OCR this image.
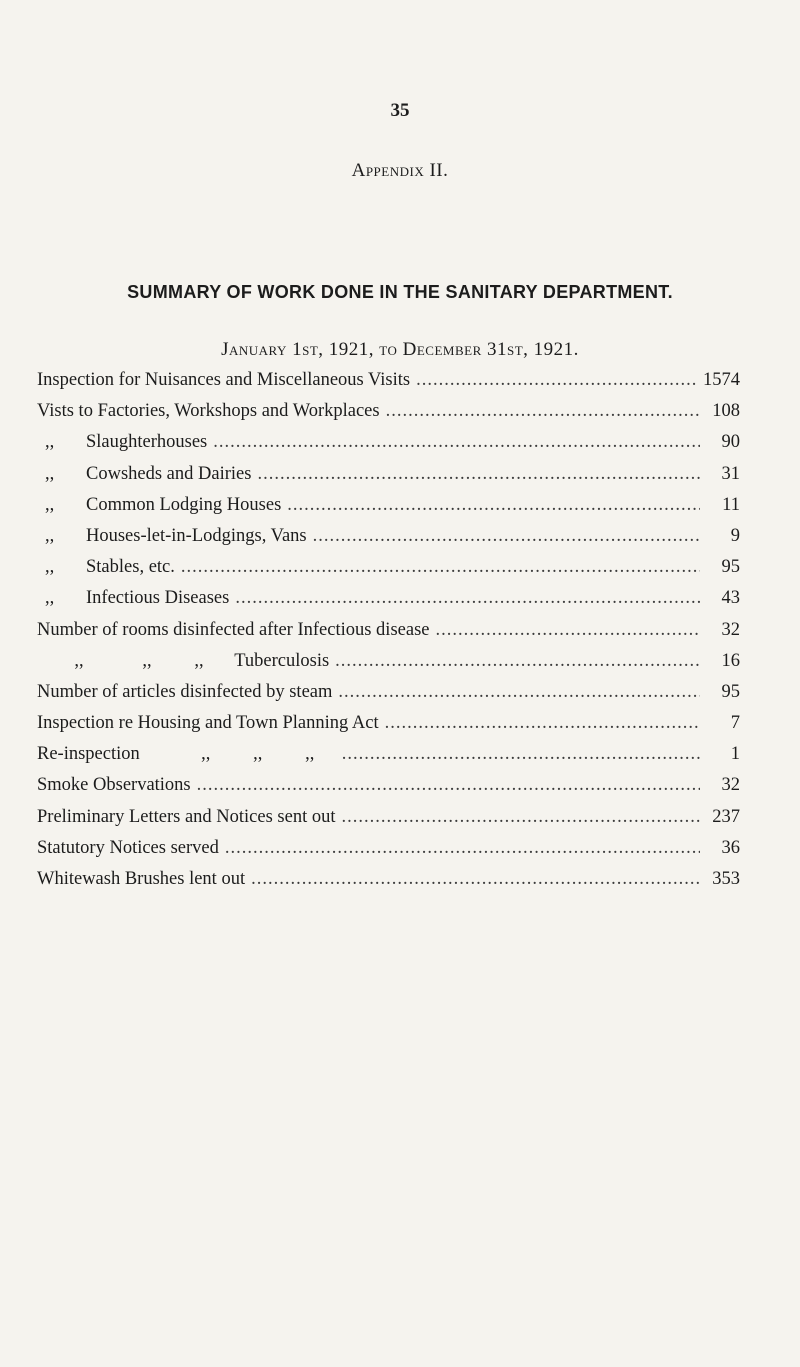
35
Appendix II.
SUMMARY OF WORK DONE IN THE SANITARY DEPARTMENT.
January 1st, 1921, to December 31st, 1921.
Inspection for Nuisances and Miscellaneous Visits .....	1574
Vists to Factories, Workshops and Workplaces .....	108
,, Slaughterhouses .....	90
,, Cowsheds and Dairies .....	31
,, Common Lodging Houses .....	11
,, Houses-let-in-Lodgings, Vans .....	9
,, Stables, etc. .....	95
,, Infectious Diseases .....	43
Number of rooms disinfected after Infectious disease .....	32
,,	,, ,, Tuberculosis .....	16
Number of articles disinfected by steam .....	95
Inspection re Housing and Town Planning Act .....	7
Re-inspection	,, ,, ,, .....	1
Smoke Observations .....	32
Preliminary Letters and Notices sent out .....	237
Statutory Notices served .....	36
Whitewash Brushes lent out .....	353
